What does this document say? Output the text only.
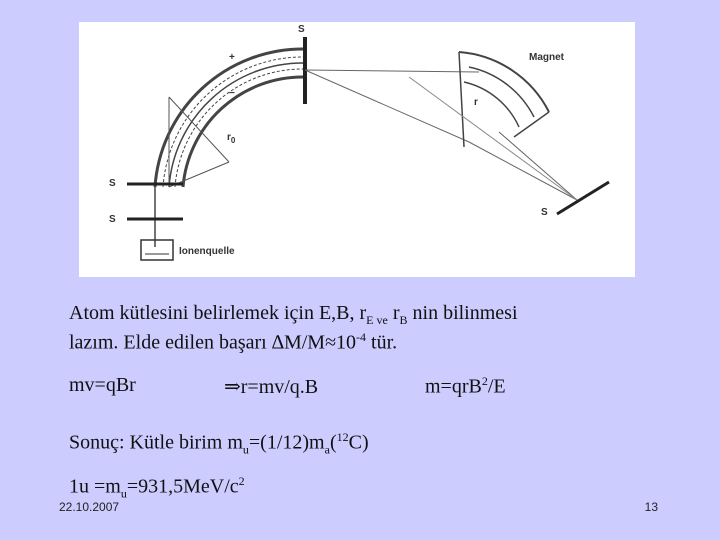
S
Magnet
$r_0$
r
S
S
S
Ionenquelle
+
−
Atom kütlesini belirlemek için E,B, $r_{E ve}$ $r_B$ nin bilinmesi
lazım. Elde edilen başarı $\Delta M/M\approx 10^{-4}$ tür.
mv=qBr	⇒r=mv/q.B	m=qrB$^2$/E
Sonuç: Kütle birim $m_u=(1/12)m_a(^{12}C)$
$1u =m_u=931,5MeV/c^2$
22.10.2007	13
